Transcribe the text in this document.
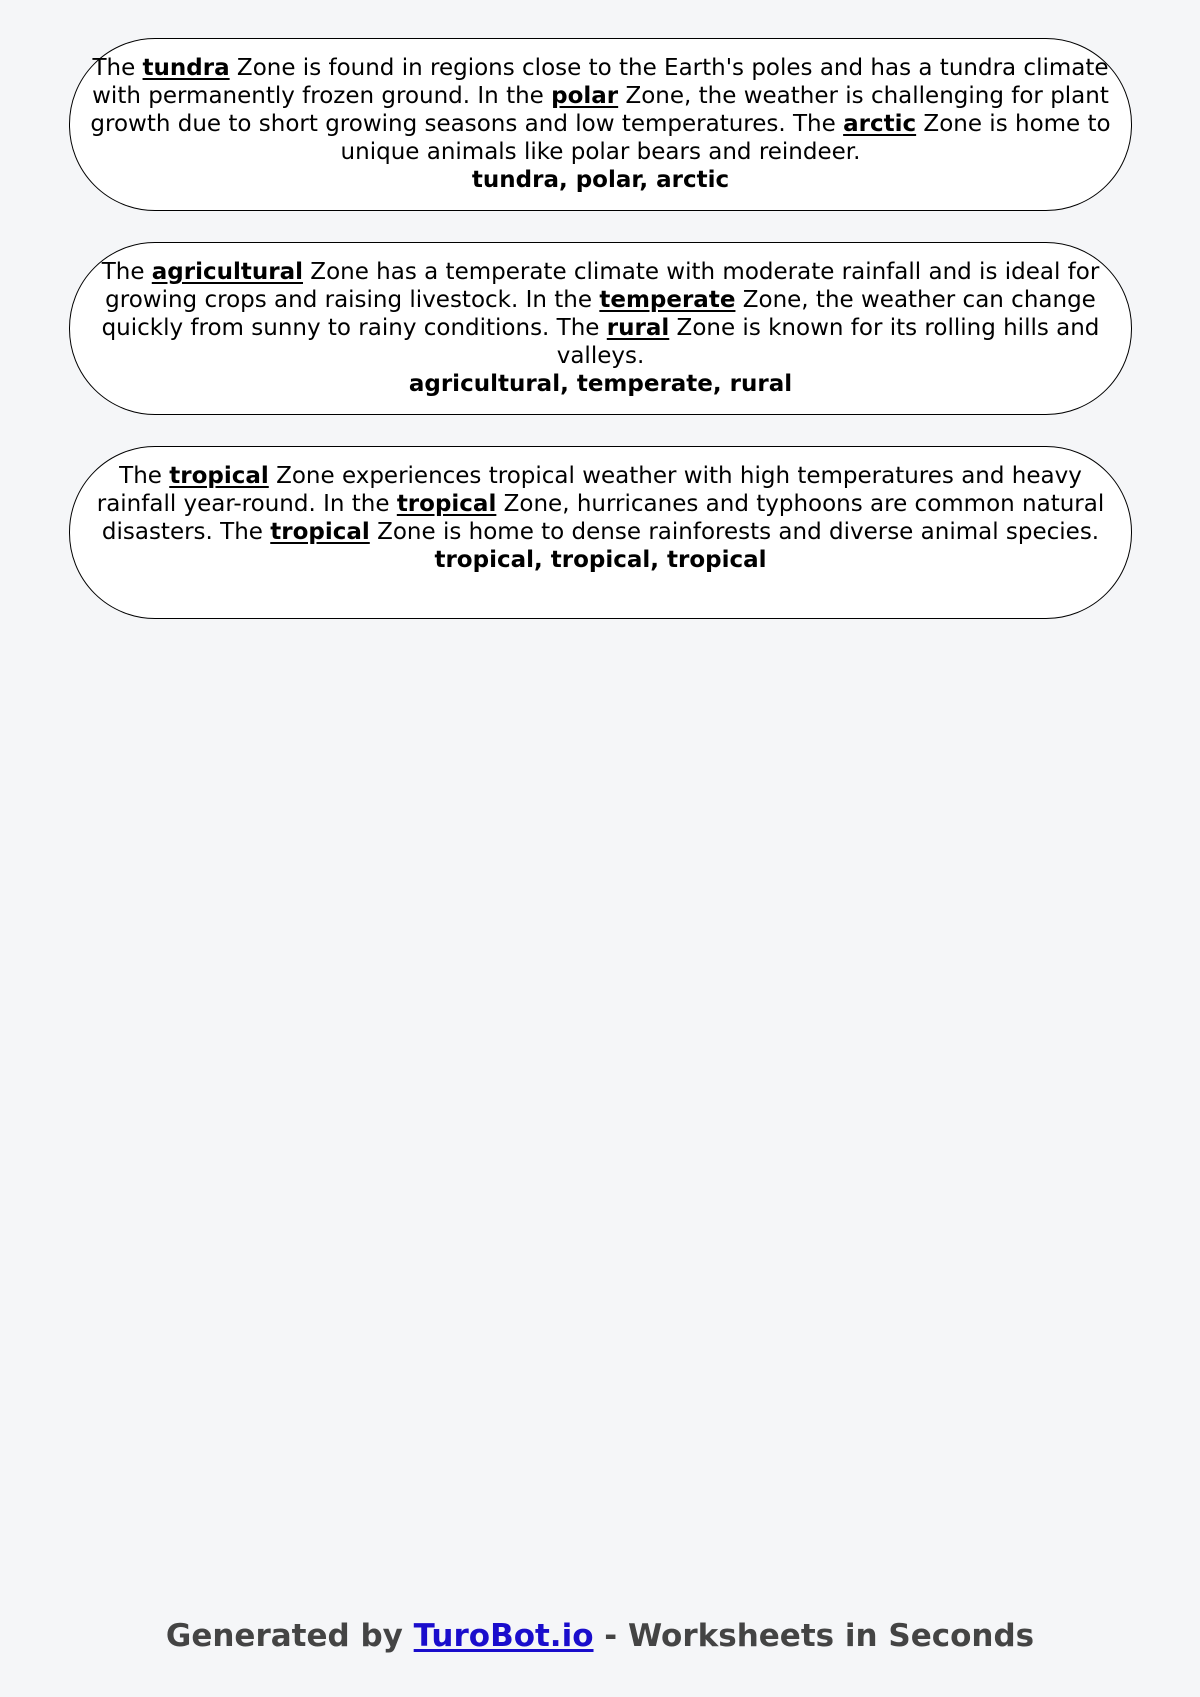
The tundra Zone is found in regions close to the Earth's poles and has a tundra climate with permanently frozen ground. In the polar Zone, the weather is challenging for plant growth due to short growing seasons and low temperatures. The arctic Zone is home to unique animals like polar bears and reindeer.

tundra, polar, arctic

The agricultural Zone has a temperate climate with moderate rainfall and is ideal for growing crops and raising livestock. In the temperate Zone, the weather can change quickly from sunny to rainy conditions. The rural Zone is known for its rolling hills and valleys.

agricultural, temperate, rural

The tropical Zone experiences tropical weather with high temperatures and heavy rainfall year-round. In the tropical Zone, hurricanes and typhoons are common natural disasters. The tropical Zone is home to dense rainforests and diverse animal species.

tropical, tropical, tropical

Generated by TuroBot.io - Worksheets in Seconds
